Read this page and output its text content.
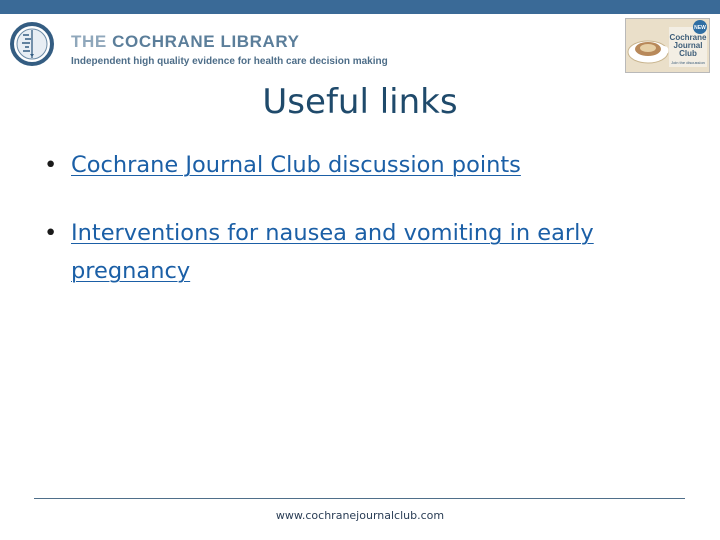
THE COCHRANE LIBRARY
Independent high quality evidence for health care decision making
NEW
Cochrane
Journal
Club
Join the discussion
Useful links
• Cochrane Journal Club discussion points
• Interventions for nausea and vomiting in early pregnancy
www.cochranejournalclub.com
